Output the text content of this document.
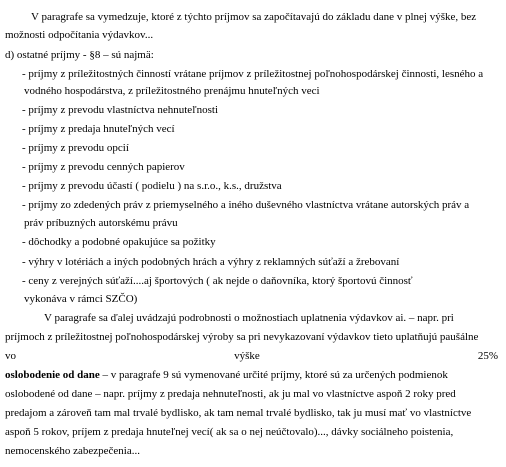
V paragrafe sa vymedzuje, ktoré z týchto príjmov sa započítavajú do základu dane v plnej výške, bez
možnosti odpočítania výdavkov...
d) ostatné príjmy - §8 – sú najmä:
- príjmy z príležitostných činností vrátane príjmov z príležitostnej poľnohospodárskej činnosti, lesného a
vodného hospodárstva, z príležitostného prenájmu hnuteľných veci
- príjmy z prevodu vlastníctva nehnuteľnosti
- príjmy z predaja hnuteľných vecí
- príjmy z prevodu opcií
- príjmy z prevodu cenných papierov
- príjmy z prevodu účastí ( podielu ) na s.r.o., k.s., družstva
- príjmy zo zdedených práv z priemyselného a iného duševného vlastníctva vrátane autorských práv a
práv príbuzných autorskému právu
- dôchodky a podobné opakujúce sa požitky
- výhry v lotériách a iných podobných hrách a výhry z reklamných súťaží a žrebovaní
- ceny z verejných súťaží....aj športových ( ak nejde o daňovníka, ktorý športovú činnosť
vykonáva v rámci SZČO)
V paragrafe sa ďalej uvádzajú podrobnosti o možnostiach uplatnenia výdavkov ai. – napr. pri
príjmoch z príležitostnej poľnohospodárskej výroby sa pri nevykazovaní výdavkov tieto uplatňujú paušálne
vo	výške	25%
oslobodenie od dane – v paragrafe 9 sú vymenované určité príjmy, ktoré sú za určených podmienok
oslobodené od dane – napr. príjmy z predaja nehnuteľnosti, ak ju mal vo vlastníctve aspoň 2 roky pred
predajom a zároveň tam mal trvalé bydlisko, ak tam nemal trvalé bydlisko, tak ju musí mať vo vlastníctve
aspoň 5 rokov, príjem z predaja hnuteľnej vecí( ak sa o nej neúčtovalo)..., dávky sociálneho poistenia,
nemocenského zabezpečenia...
